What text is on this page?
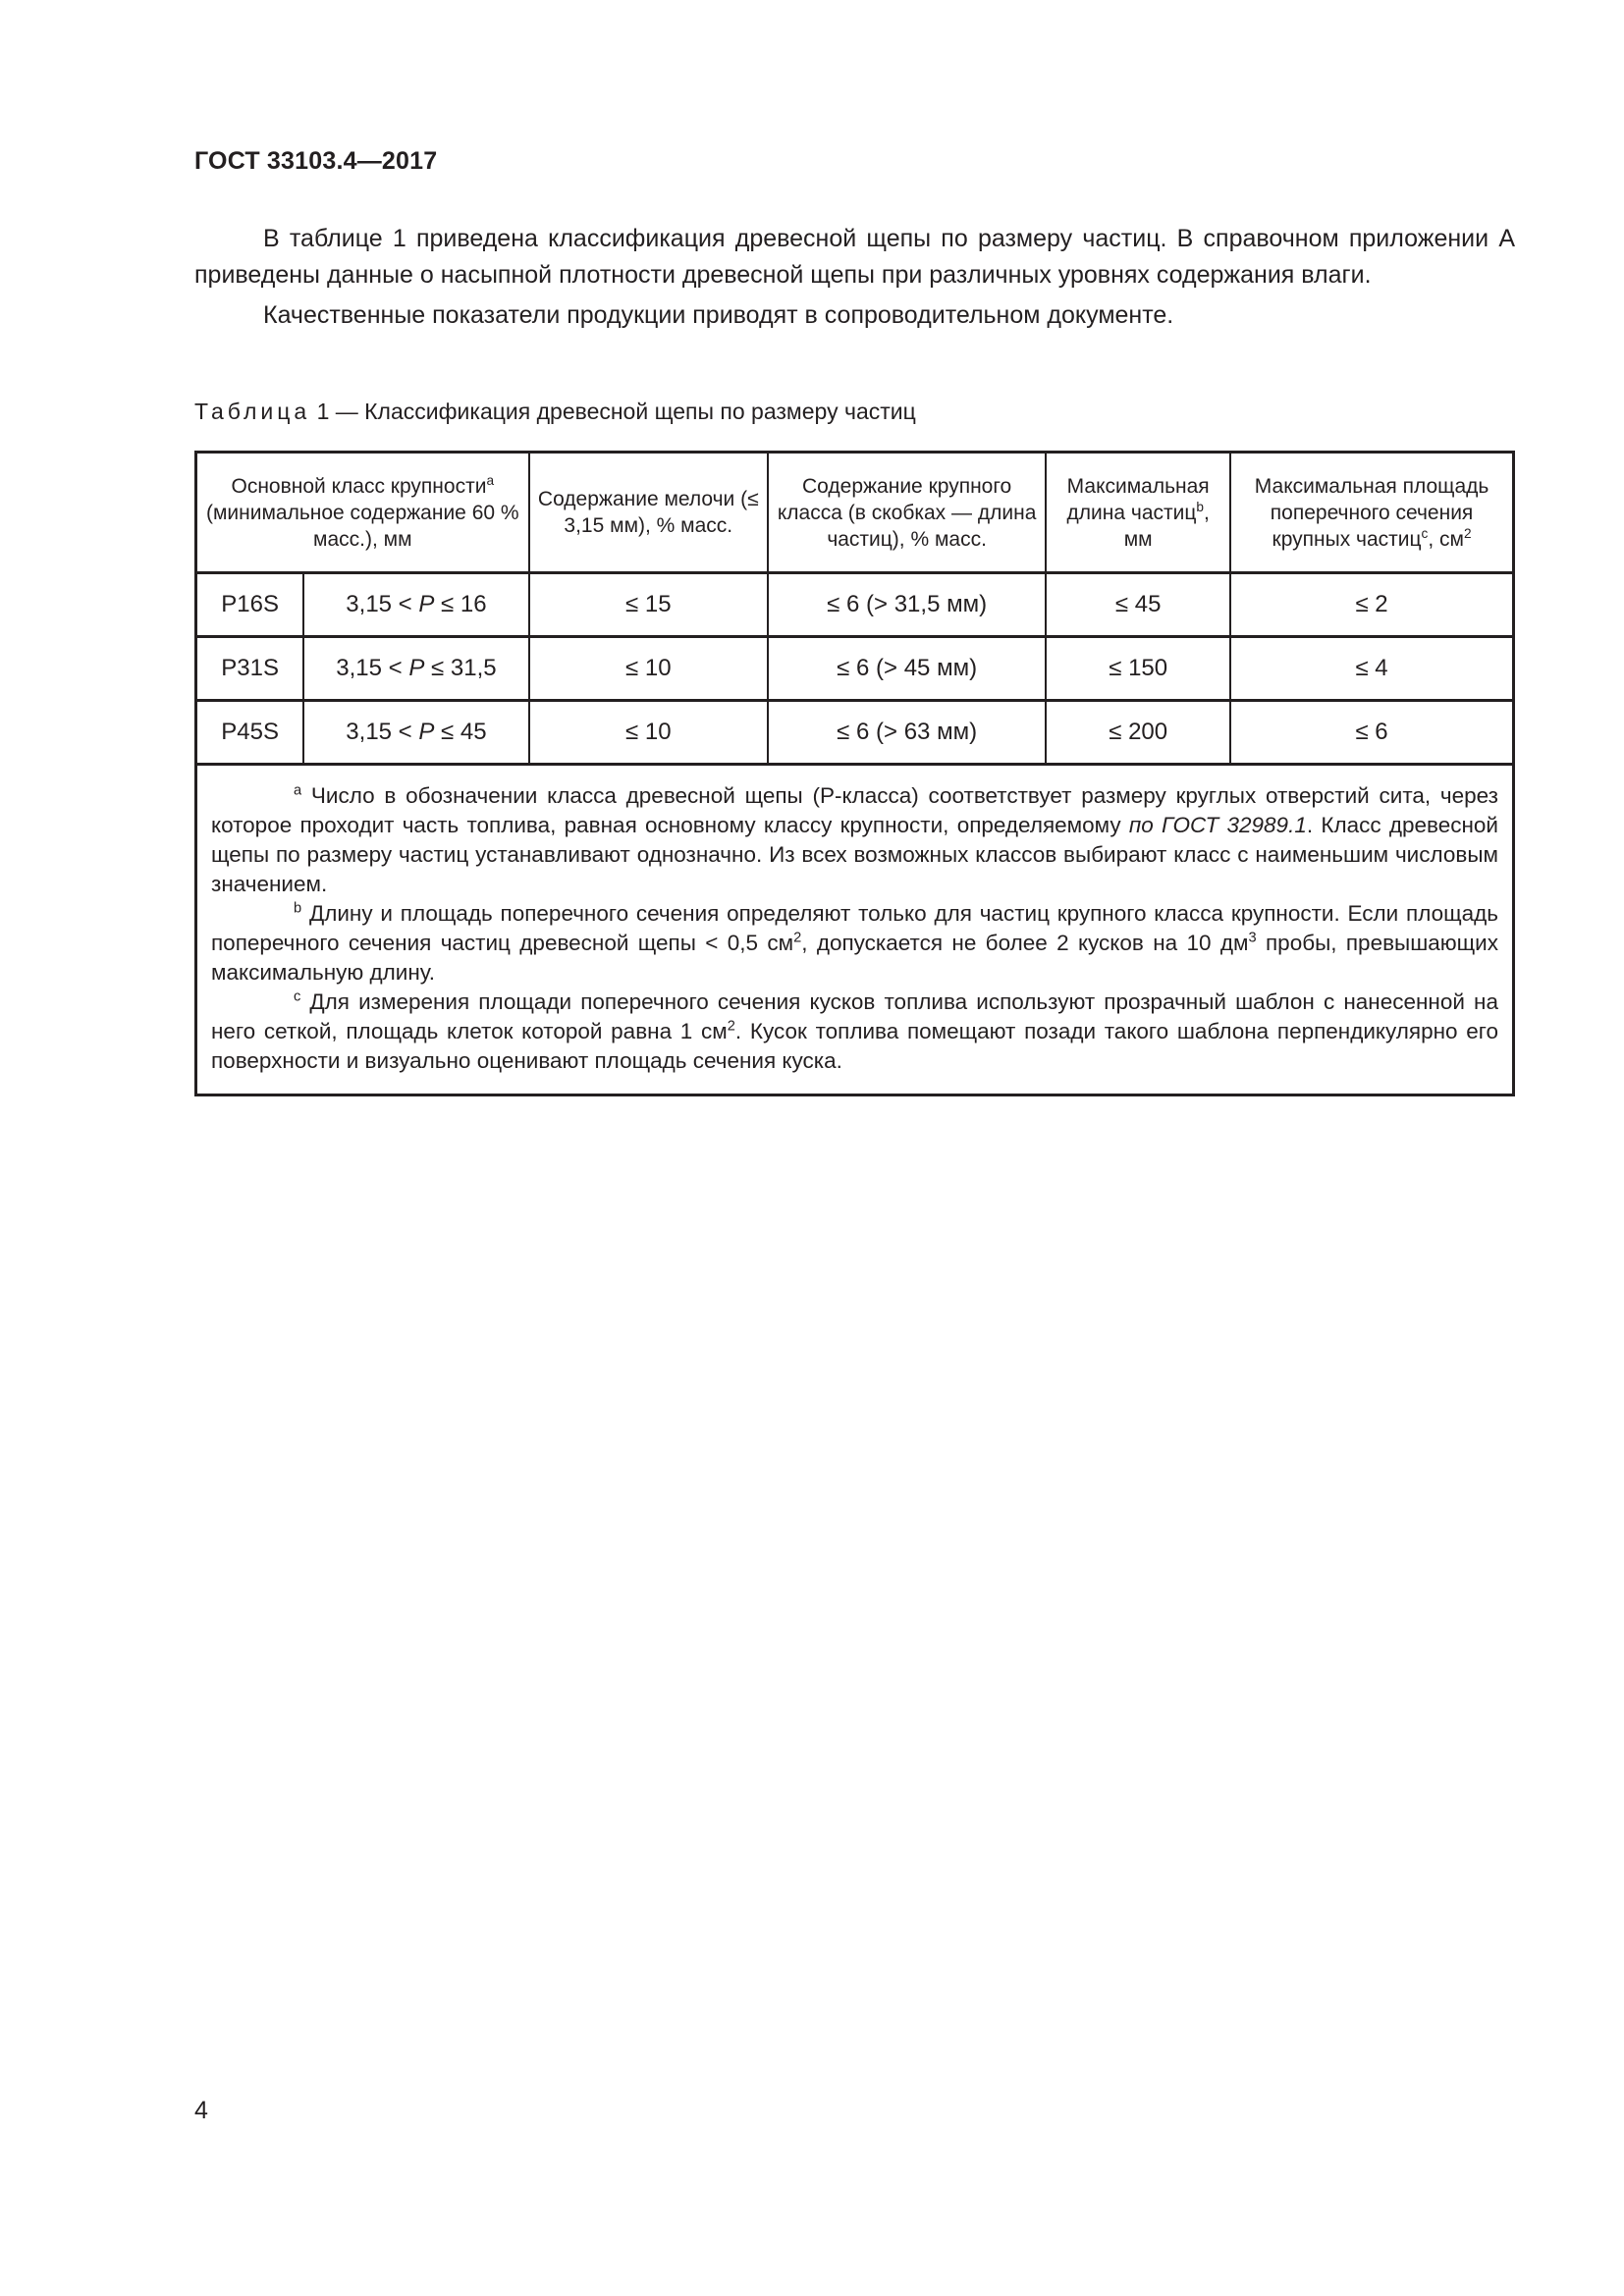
ГОСТ 33103.4—2017

В таблице 1 приведена классификация древесной щепы по размеру частиц. В справочном приложении А приведены данные о насыпной плотности древесной щепы при различных уровнях содержания влаги.

Качественные показатели продукции приводят в сопроводительном документе.

Таблица 1 — Классификация древесной щепы по размеру частиц
Основной класс крупности$^a$
(минимальное содержание 60 % масс.), мм		Содержание мелочи (≤ 3,15 мм), % масс.	Содержание крупного класса (в скобках — длина частиц), % масс.	Максимальная длина частиц$^b$, мм	Максимальная площадь поперечного сечения крупных частиц$^c$, $см^2$
P16S	3,15 < P ≤ 16	≤ 15	≤ 6 (> 31,5 мм)	≤ 45	≤ 2
P31S	3,15 < P ≤ 31,5	≤ 10	≤ 6 (> 45 мм)	≤ 150	≤ 4
P45S	3,15 < P ≤ 45	≤ 10	≤ 6 (> 63 мм)	≤ 200	≤ 6

$^a$ Число в обозначении класса древесной щепы (Р-класса) соответствует размеру круглых отверстий сита, через которое проходит часть топлива, равная основному классу крупности, определяемому по ГОСТ 32989.1. Класс древесной щепы по размеру частиц устанавливают однозначно. Из всех возможных классов выбирают класс с наименьшим числовым значением.

$^b$ Длину и площадь поперечного сечения определяют только для частиц крупного класса крупности. Если площадь поперечного сечения частиц древесной щепы < 0,5 $см^2$, допускается не более 2 кусков на 10 $дм^3$ пробы, превышающих максимальную длину.

$^c$ Для измерения площади поперечного сечения кусков топлива используют прозрачный шаблон с нанесенной на него сеткой, площадь клеток которой равна 1 $см^2$. Кусок топлива помещают позади такого шаблона перпендикулярно его поверхности и визуально оценивают площадь сечения куска.					

4
